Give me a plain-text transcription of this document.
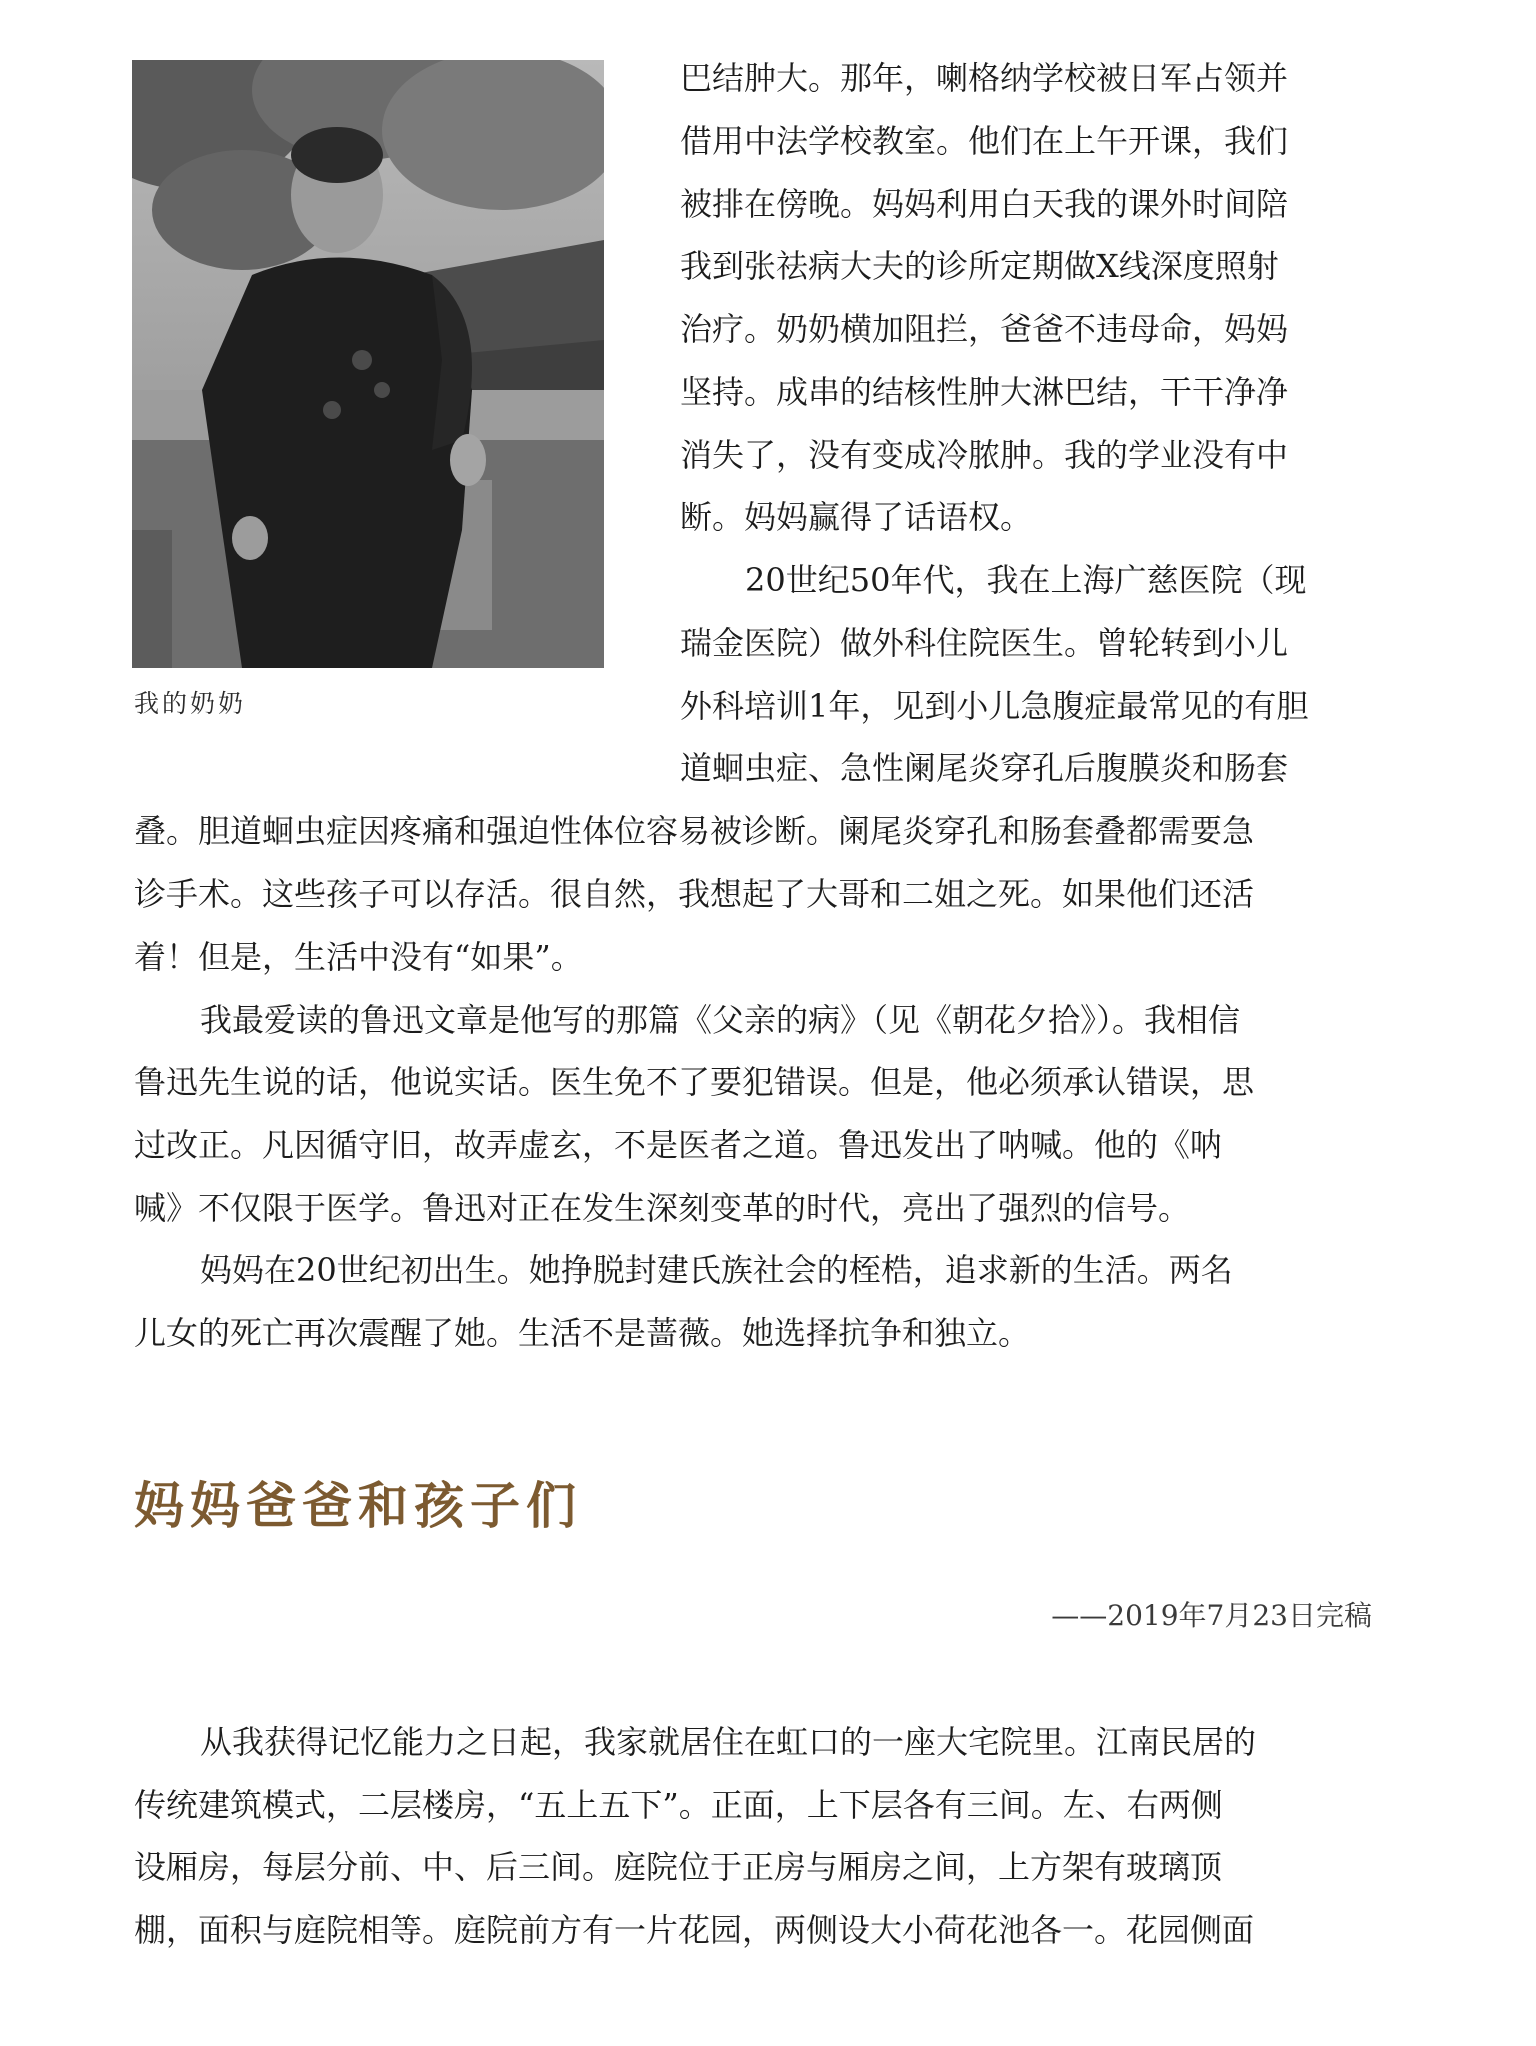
我的奶奶
巴结肿大。那年，喇格纳学校被日军占领并
借用中法学校教室。他们在上午开课，我们
被排在傍晚。妈妈利用白天我的课外时间陪
我到张祛病大夫的诊所定期做X线深度照射
治疗。奶奶横加阻拦，爸爸不违母命，妈妈
坚持。成串的结核性肿大淋巴结，干干净净
消失了，没有变成冷脓肿。我的学业没有中
断。妈妈赢得了话语权。
20世纪50年代，我在上海广慈医院（现
瑞金医院）做外科住院医生。曾轮转到小儿
外科培训1年，见到小儿急腹症最常见的有胆
道蛔虫症、急性阑尾炎穿孔后腹膜炎和肠套
叠。胆道蛔虫症因疼痛和强迫性体位容易被诊断。阑尾炎穿孔和肠套叠都需要急
诊手术。这些孩子可以存活。很自然，我想起了大哥和二姐之死。如果他们还活
着！但是，生活中没有“如果”。
我最爱读的鲁迅文章是他写的那篇《父亲的病》（见《朝花夕拾》）。我相信
鲁迅先生说的话，他说实话。医生免不了要犯错误。但是，他必须承认错误，思
过改正。凡因循守旧，故弄虚玄，不是医者之道。鲁迅发出了呐喊。他的《呐
喊》不仅限于医学。鲁迅对正在发生深刻变革的时代，亮出了强烈的信号。
妈妈在20世纪初出生。她挣脱封建氏族社会的桎梏，追求新的生活。两名
儿女的死亡再次震醒了她。生活不是蔷薇。她选择抗争和独立。
妈妈爸爸和孩子们
——2019年7月23日完稿
从我获得记忆能力之日起，我家就居住在虹口的一座大宅院里。江南民居的
传统建筑模式，二层楼房，“五上五下”。正面，上下层各有三间。左、右两侧
设厢房，每层分前、中、后三间。庭院位于正房与厢房之间，上方架有玻璃顶
棚，面积与庭院相等。庭院前方有一片花园，两侧设大小荷花池各一。花园侧面
